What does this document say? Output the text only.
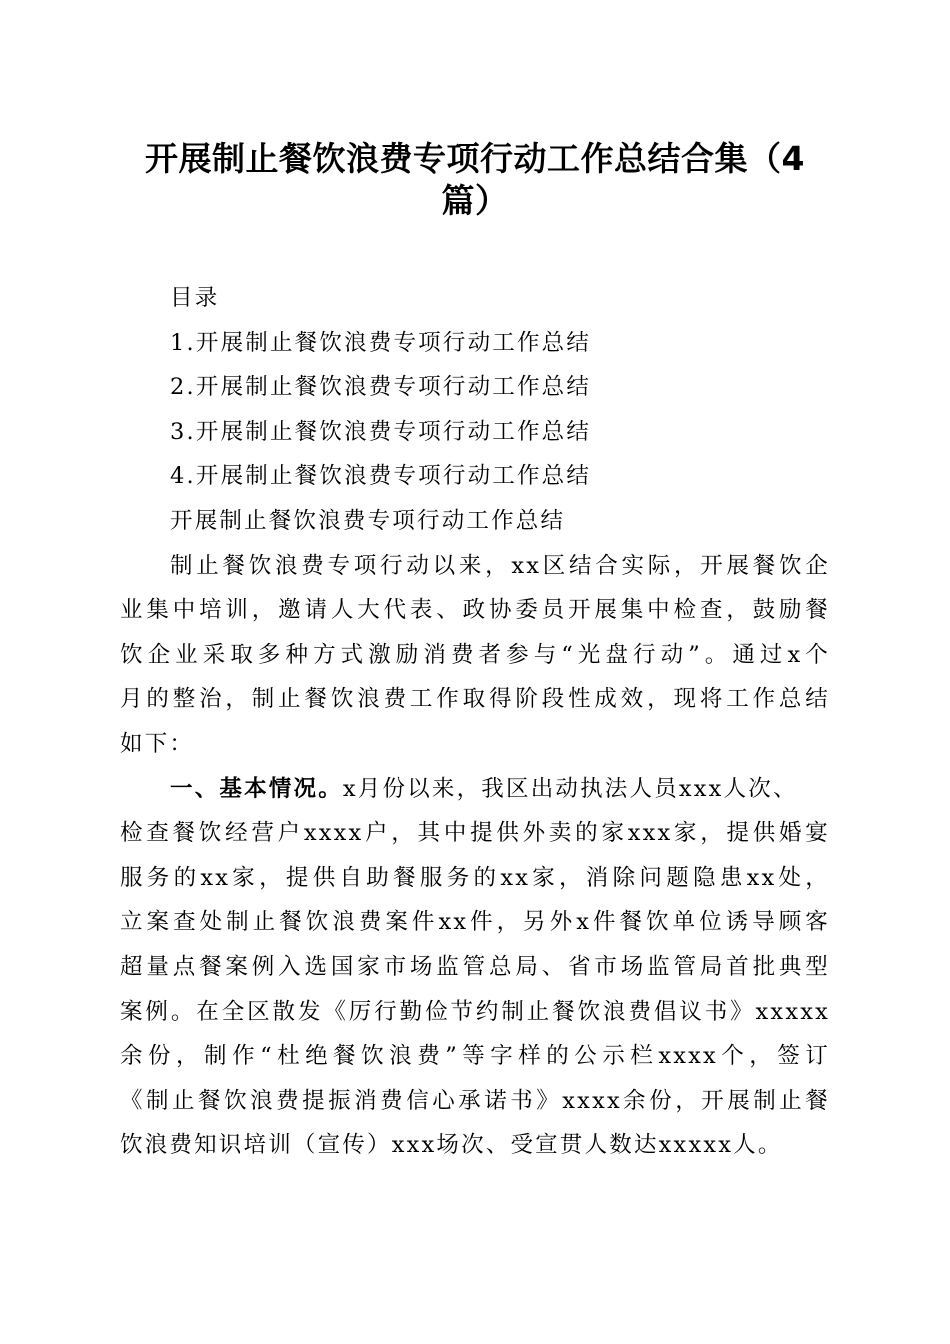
开展制止餐饮浪费专项行动工作总结合集（4
篇）
目录
1.开展制止餐饮浪费专项行动工作总结
2.开展制止餐饮浪费专项行动工作总结
3.开展制止餐饮浪费专项行动工作总结
4.开展制止餐饮浪费专项行动工作总结
开展制止餐饮浪费专项行动工作总结
制止餐饮浪费专项行动以来，xx区结合实际，开展餐饮企
业集中培训，邀请人大代表、政协委员开展集中检查，鼓励餐
饮企业采取多种方式激励消费者参与“光盘行动”。通过x个
月的整治，制止餐饮浪费工作取得阶段性成效，现将工作总结
如下：
一、基本情况。x月份以来，我区出动执法人员xxx人次、
检查餐饮经营户xxxx户，其中提供外卖的家xxx家，提供婚宴
服务的xx家，提供自助餐服务的xx家，消除问题隐患xx处，
立案查处制止餐饮浪费案件xx件，另外x件餐饮单位诱导顾客
超量点餐案例入选国家市场监管总局、省市场监管局首批典型
案例。在全区散发《厉行勤俭节约制止餐饮浪费倡议书》xxxxx
余份，制作“杜绝餐饮浪费”等字样的公示栏xxxx个，签订
《制止餐饮浪费提振消费信心承诺书》xxxx余份，开展制止餐
饮浪费知识培训（宣传）xxx场次、受宣贯人数达xxxxx人。
